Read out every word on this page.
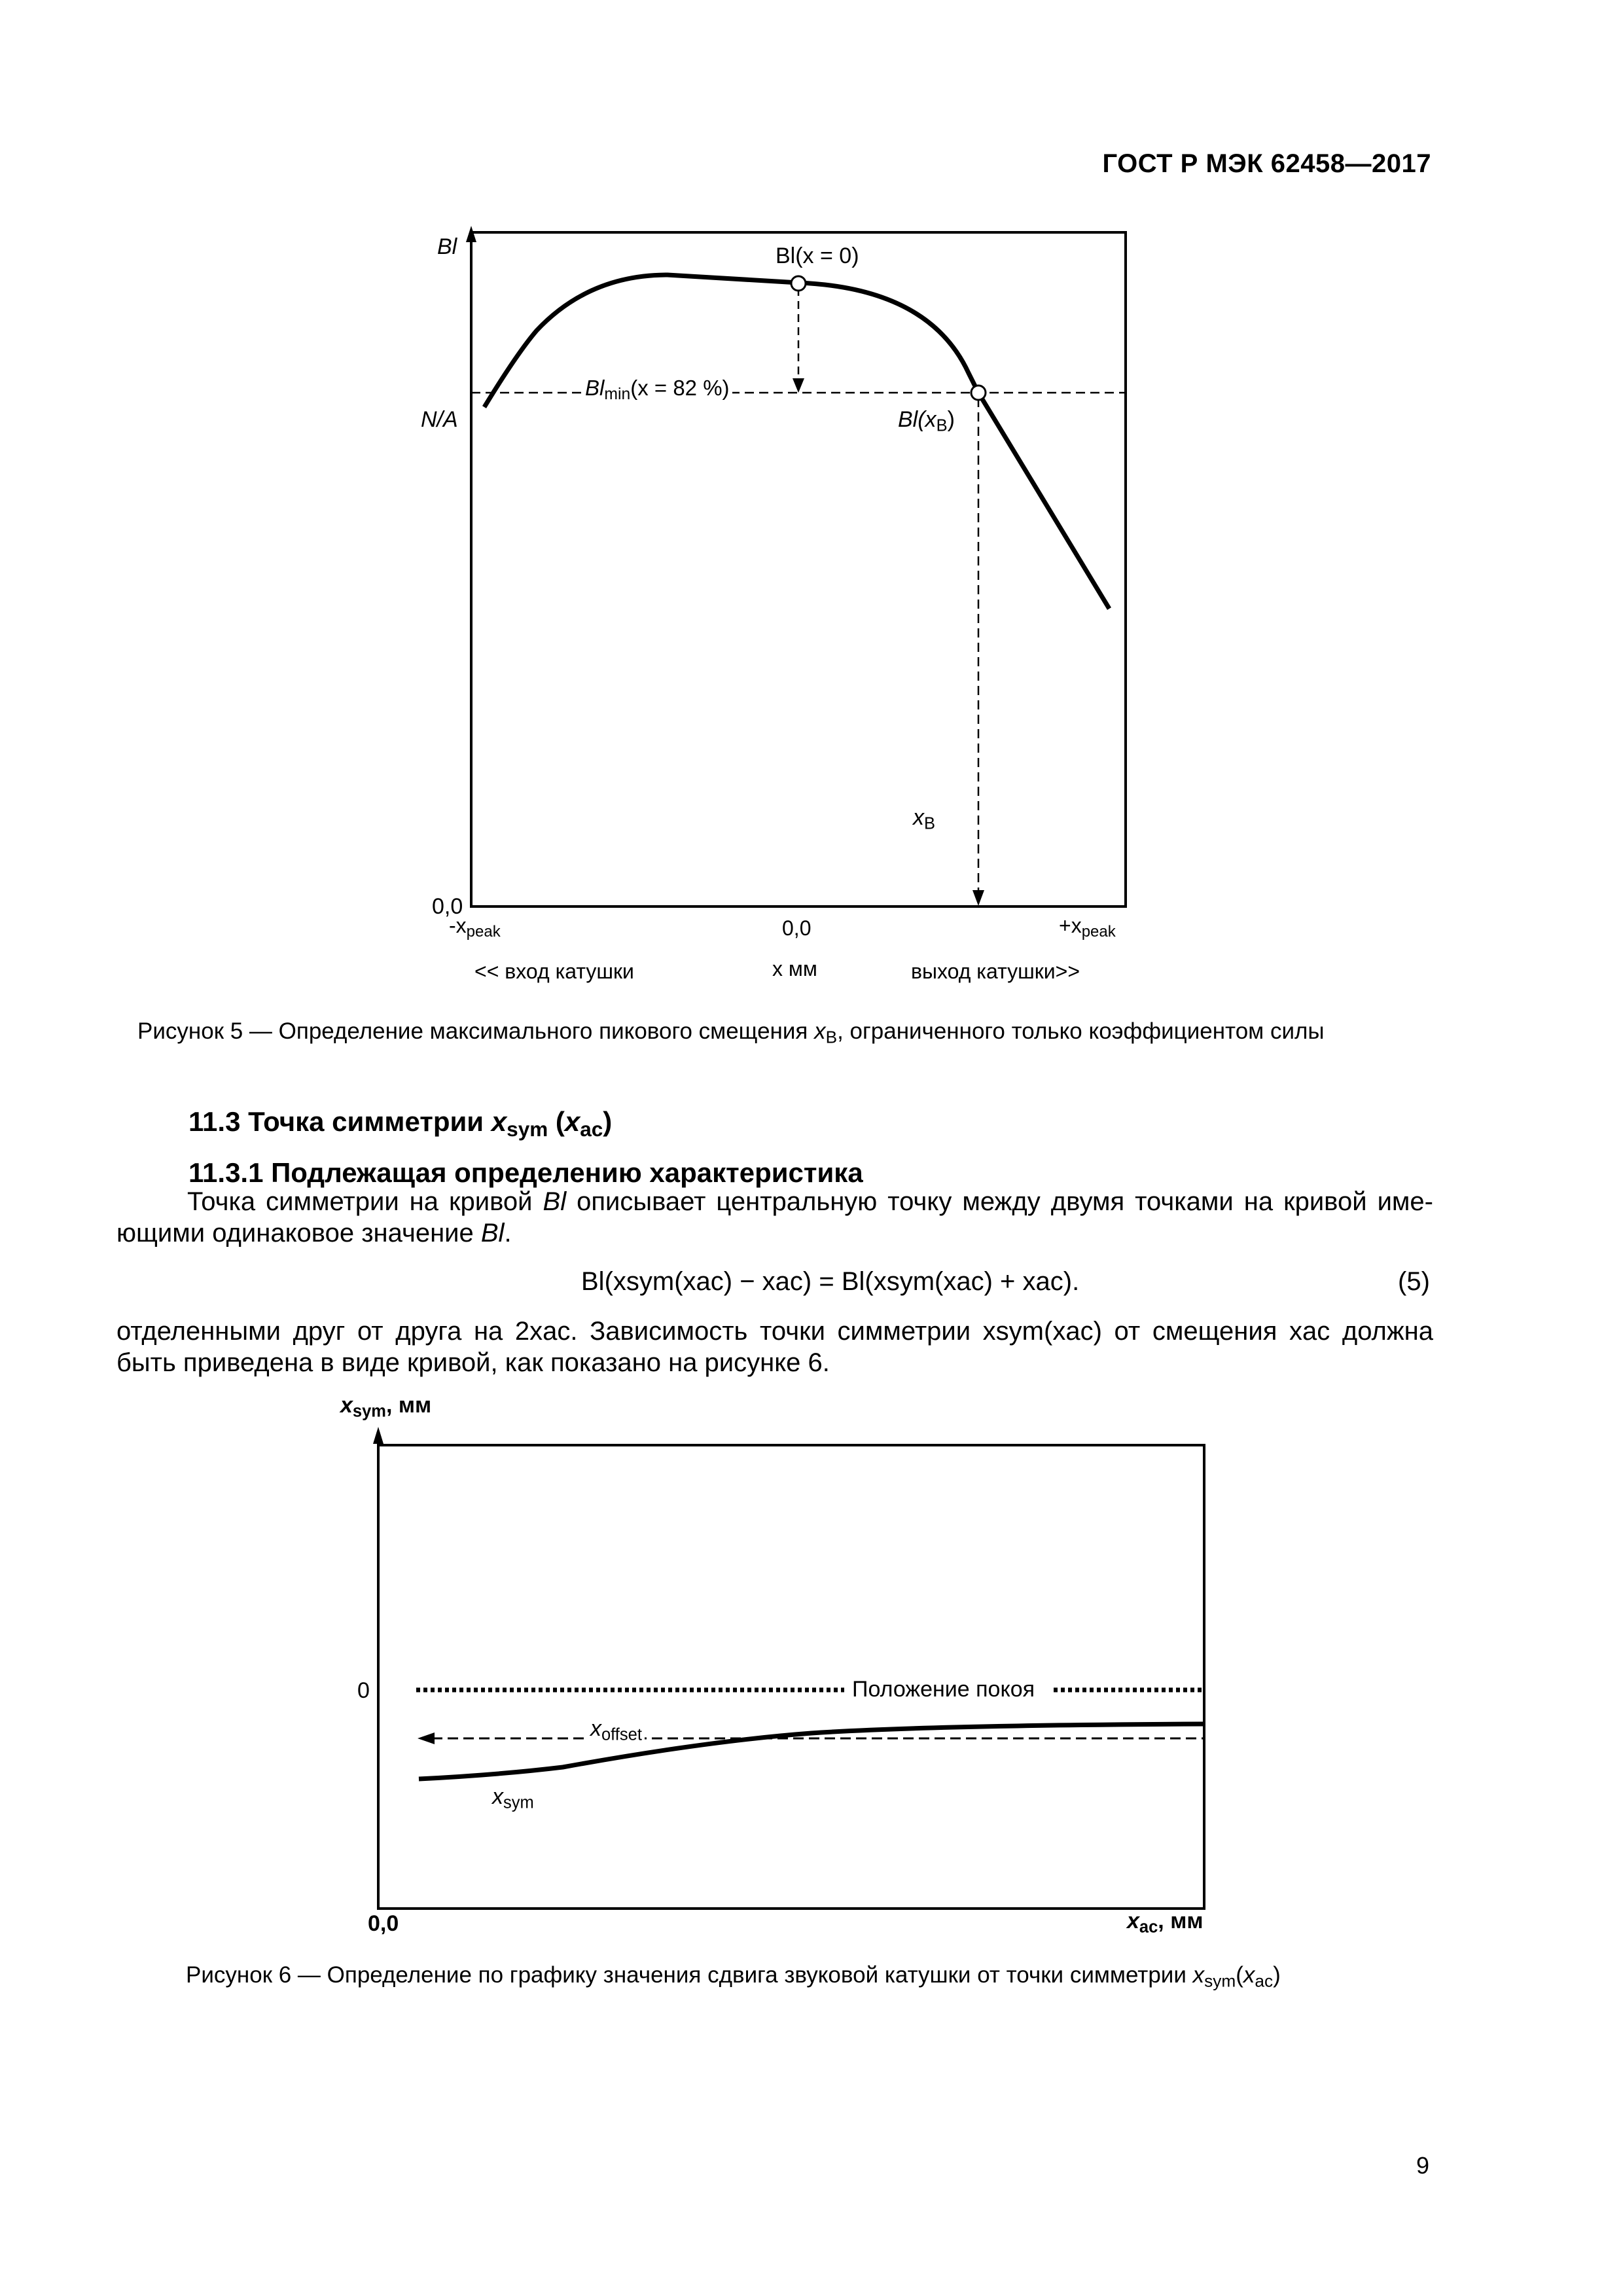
ГОСТ Р МЭК 62458—2017
Bl
N/A
0,0
$-x_{peak}$	0,0	$+x_{peak}$
<< вход катушки	x мм	выход катушки>>
Bl(x = 0)
$Bl_{min}(x = 82$ %)
$Bl(x_B)$
$x_B$
Рисунок 5 — Определение максимального пикового смещения $x_B$, ограниченного только коэффициентом силы
11.3 Точка симметрии $x_{sym}$ $(x_{ac})$
11.3.1 Подлежащая определению характеристика
Точка симметрии на кривой Bl описывает центральную точку между двумя точками на кривой име-ющими одинаковое значение Bl.
Bl(xsym(xac) − xac) = Bl(xsym(xac) + xac).	(5)
отделенными друг от друга на 2xac. Зависимость точки симметрии xsym(xac) от смещения xac должна быть приведена в виде кривой, как показано на рисунке 6.
$x_{sym}$, мм
0
0,0	$x_{ac}$, мм
Положение покоя
$x_{offset}$
$x_{sym}$
Рисунок 6 — Определение по графику значения сдвига звуковой катушки от точки симметрии $x_{sym}(x_{ac})$
9
